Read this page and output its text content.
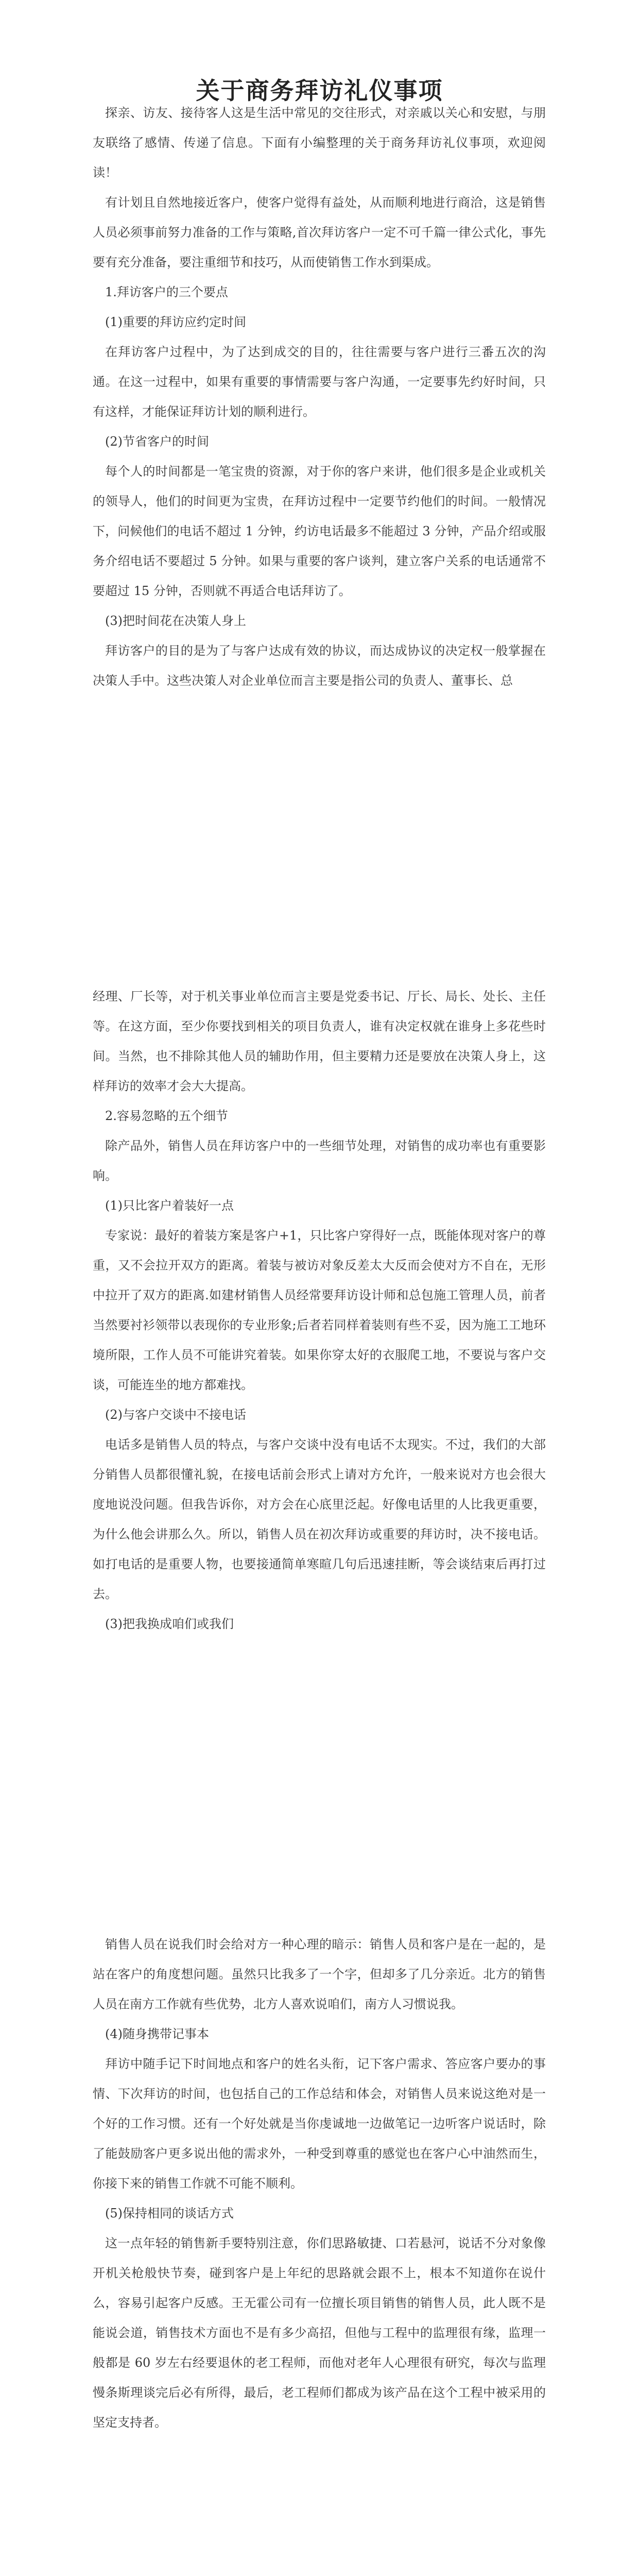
关于商务拜访礼仪事项

探亲、访友、接待客人这是生活中常见的交往形式，对亲戚以关心和安慰，与朋友联络了感情、传递了信息。下面有小编整理的关于商务拜访礼仪事项，欢迎阅读！

有计划且自然地接近客户，使客户觉得有益处，从而顺利地进行商洽，这是销售人员必须事前努力准备的工作与策略,首次拜访客户一定不可千篇一律公式化，事先要有充分准备，要注重细节和技巧，从而使销售工作水到渠成。

1.拜访客户的三个要点

(1)重要的拜访应约定时间

在拜访客户过程中，为了达到成交的目的，往往需要与客户进行三番五次的沟通。在这一过程中，如果有重要的事情需要与客户沟通，一定要事先约好时间，只有这样，才能保证拜访计划的顺利进行。

(2)节省客户的时间

每个人的时间都是一笔宝贵的资源，对于你的客户来讲，他们很多是企业或机关的领导人，他们的时间更为宝贵，在拜访过程中一定要节约他们的时间。一般情况下，问候他们的电话不超过 1 分钟，约访电话最多不能超过 3 分钟，产品介绍或服务介绍电话不要超过 5 分钟。如果与重要的客户谈判，建立客户关系的电话通常不要超过 15 分钟，否则就不再适合电话拜访了。

(3)把时间花在决策人身上

拜访客户的目的是为了与客户达成有效的协议，而达成协议的决定权一般掌握在决策人手中。这些决策人对企业单位而言主要是指公司的负责人、董事长、总

经理、厂长等，对于机关事业单位而言主要是党委书记、厅长、局长、处长、主任等。在这方面，至少你要找到相关的项目负责人，谁有决定权就在谁身上多花些时间。当然，也不排除其他人员的辅助作用，但主要精力还是要放在决策人身上，这样拜访的效率才会大大提高。

2.容易忽略的五个细节

除产品外，销售人员在拜访客户中的一些细节处理，对销售的成功率也有重要影响。

(1)只比客户着装好一点

专家说：最好的着装方案是客户+1，只比客户穿得好一点，既能体现对客户的尊重，又不会拉开双方的距离。着装与被访对象反差太大反而会使对方不自在，无形中拉开了双方的距离.如建材销售人员经常要拜访设计师和总包施工管理人员，前者当然要衬衫领带以表现你的专业形象;后者若同样着装则有些不妥，因为施工工地环境所限，工作人员不可能讲究着装。如果你穿太好的衣服爬工地，不要说与客户交谈，可能连坐的地方都难找。

(2)与客户交谈中不接电话

电话多是销售人员的特点，与客户交谈中没有电话不太现实。不过，我们的大部分销售人员都很懂礼貌，在接电话前会形式上请对方允许，一般来说对方也会很大度地说没问题。但我告诉你，对方会在心底里泛起。好像电话里的人比我更重要，为什么他会讲那么久。所以，销售人员在初次拜访或重要的拜访时，决不接电话。如打电话的是重要人物，也要接通简单寒暄几句后迅速挂断，等会谈结束后再打过去。

(3)把我换成咱们或我们

销售人员在说我们时会给对方一种心理的暗示：销售人员和客户是在一起的，是站在客户的角度想问题。虽然只比我多了一个字，但却多了几分亲近。北方的销售人员在南方工作就有些优势，北方人喜欢说咱们，南方人习惯说我。

(4)随身携带记事本

拜访中随手记下时间地点和客户的姓名头衔，记下客户需求、答应客户要办的事情、下次拜访的时间，也包括自己的工作总结和体会，对销售人员来说这绝对是一个好的工作习惯。还有一个好处就是当你虔诚地一边做笔记一边听客户说话时，除了能鼓励客户更多说出他的需求外，一种受到尊重的感觉也在客户心中油然而生，你接下来的销售工作就不可能不顺利。

(5)保持相同的谈话方式

这一点年轻的销售新手要特别注意，你们思路敏捷、口若悬河，说话不分对象像开机关枪般快节奏，碰到客户是上年纪的思路就会跟不上，根本不知道你在说什么，容易引起客户反感。王无霍公司有一位擅长项目销售的销售人员，此人既不是能说会道，销售技术方面也不是有多少高招，但他与工程中的监理很有缘，监理一般都是 60 岁左右经要退休的老工程师，而他对老年人心理很有研究，每次与监理慢条斯理谈完后必有所得，最后，老工程师们都成为该产品在这个工程中被采用的坚定支持者。
